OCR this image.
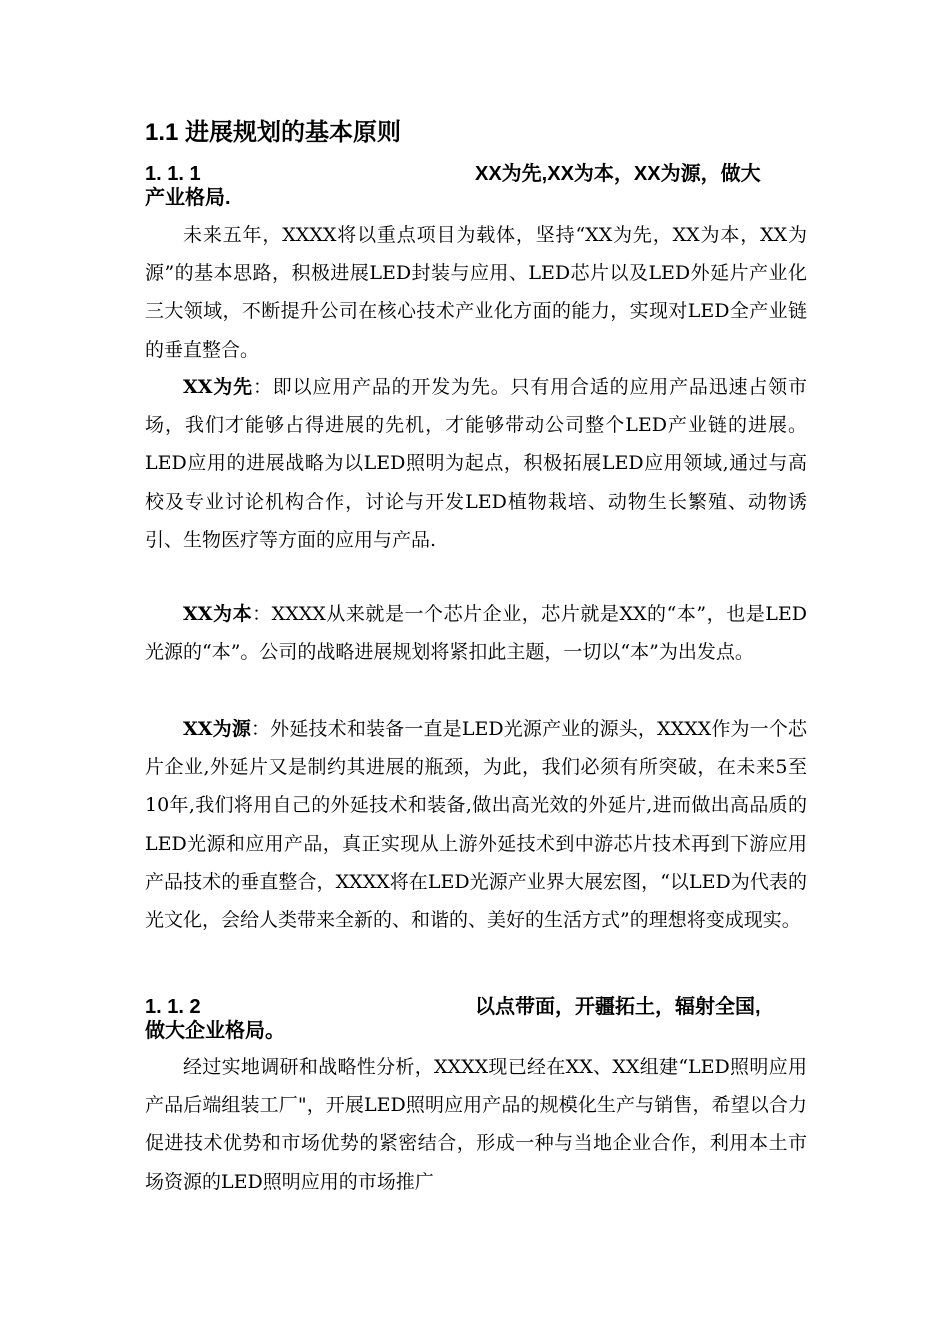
1.1 进展规划的基本原则
1. 1. 1	XX为先,XX为本，XX为源，做大
产业格局.

未来五年，XXXX将以重点项目为载体，坚持“XX为先，XX为本，XX为源”的基本思路，积极进展LED封装与应用、LED芯片以及LED外延片产业化三大领域，不断提升公司在核心技术产业化方面的能力，实现对LED全产业链的垂直整合。

XX为先：即以应用产品的开发为先。只有用合适的应用产品迅速占领市场，我们才能够占得进展的先机，才能够带动公司整个LED产业链的进展。LED应用的进展战略为以LED照明为起点，积极拓展LED应用领域,通过与高校及专业讨论机构合作，讨论与开发LED植物栽培、动物生长繁殖、动物诱引、生物医疗等方面的应用与产品.

XX为本：XXXX从来就是一个芯片企业，芯片就是XX的“本”，也是LED光源的“本”。公司的战略进展规划将紧扣此主题，一切以“本”为出发点。

XX为源：外延技术和装备一直是LED光源产业的源头，XXXX作为一个芯片企业,外延片又是制约其进展的瓶颈，为此，我们必须有所突破，在未来5至10年,我们将用自己的外延技术和装备,做出高光效的外延片,进而做出高品质的LED光源和应用产品，真正实现从上游外延技术到中游芯片技术再到下游应用产品技术的垂直整合，XXXX将在LED光源产业界大展宏图，“以LED为代表的光文化，会给人类带来全新的、和谐的、美好的生活方式”的理想将变成现实。

1. 1. 2	以点带面，开疆拓土，辐射全国,
做大企业格局。

经过实地调研和战略性分析，XXXX现已经在XX、XX组建“LED照明应用产品后端组装工厂"，开展LED照明应用产品的规模化生产与销售，希望以合力促进技术优势和市场优势的紧密结合，形成一种与当地企业合作，利用本土市场资源的LED照明应用的市场推广
